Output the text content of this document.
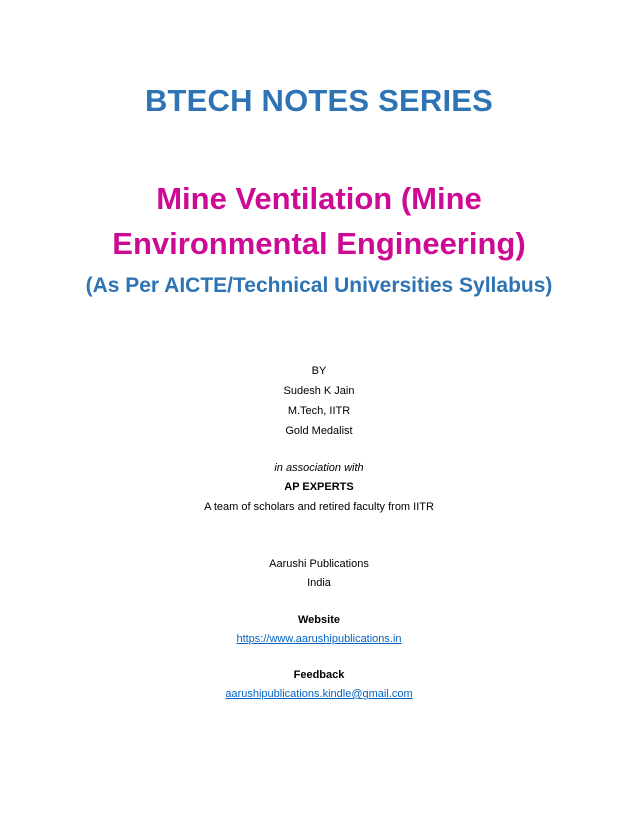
BTECH NOTES SERIES
Mine Ventilation (Mine
Environmental Engineering)
(As Per AICTE/Technical Universities Syllabus)
BY
Sudesh K Jain
M.Tech, IITR
Gold Medalist
in association with
AP EXPERTS
A team of scholars and retired faculty from IITR
Aarushi Publications
India
Website
https://www.aarushipublications.in
Feedback
aarushipublications.kindle@gmail.com
